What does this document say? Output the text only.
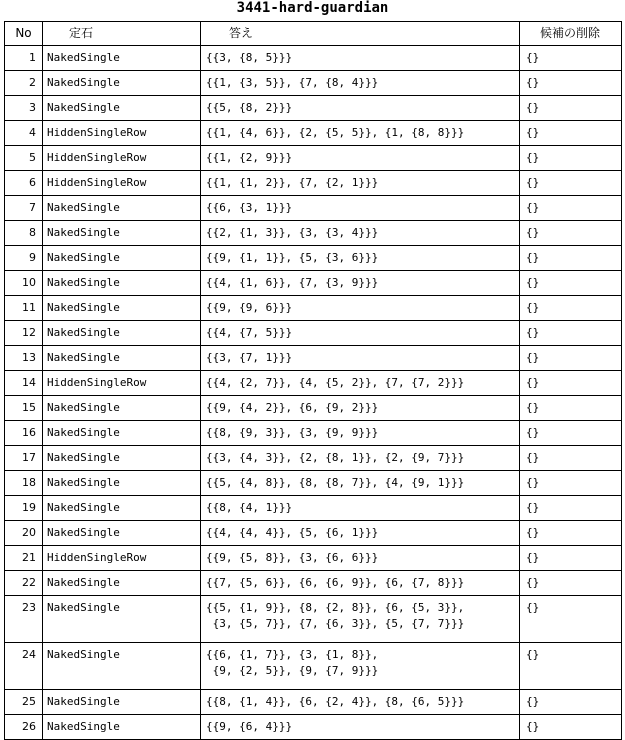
3441-hard-guardian
No	定石	答え	候補の削除
1	NakedSingle	{{3, {8, 5}}}	{}
2	NakedSingle	{{1, {3, 5}}, {7, {8, 4}}}	{}
3	NakedSingle	{{5, {8, 2}}}	{}
4	HiddenSingleRow	{{1, {4, 6}}, {2, {5, 5}}, {1, {8, 8}}}	{}
5	HiddenSingleRow	{{1, {2, 9}}}	{}
6	HiddenSingleRow	{{1, {1, 2}}, {7, {2, 1}}}	{}
7	NakedSingle	{{6, {3, 1}}}	{}
8	NakedSingle	{{2, {1, 3}}, {3, {3, 4}}}	{}
9	NakedSingle	{{9, {1, 1}}, {5, {3, 6}}}	{}
10	NakedSingle	{{4, {1, 6}}, {7, {3, 9}}}	{}
11	NakedSingle	{{9, {9, 6}}}	{}
12	NakedSingle	{{4, {7, 5}}}	{}
13	NakedSingle	{{3, {7, 1}}}	{}
14	HiddenSingleRow	{{4, {2, 7}}, {4, {5, 2}}, {7, {7, 2}}}	{}
15	NakedSingle	{{9, {4, 2}}, {6, {9, 2}}}	{}
16	NakedSingle	{{8, {9, 3}}, {3, {9, 9}}}	{}
17	NakedSingle	{{3, {4, 3}}, {2, {8, 1}}, {2, {9, 7}}}	{}
18	NakedSingle	{{5, {4, 8}}, {8, {8, 7}}, {4, {9, 1}}}	{}
19	NakedSingle	{{8, {4, 1}}}	{}
20	NakedSingle	{{4, {4, 4}}, {5, {6, 1}}}	{}
21	HiddenSingleRow	{{9, {5, 8}}, {3, {6, 6}}}	{}
22	NakedSingle	{{7, {5, 6}}, {6, {6, 9}}, {6, {7, 8}}}	{}
23	NakedSingle	{{5, {1, 9}}, {8, {2, 8}}, {6, {5, 3}},
{3, {5, 7}}, {7, {6, 3}}, {5, {7, 7}}}	{}
24	NakedSingle	{{6, {1, 7}}, {3, {1, 8}},
{9, {2, 5}}, {9, {7, 9}}}	{}
25	NakedSingle	{{8, {1, 4}}, {6, {2, 4}}, {8, {6, 5}}}	{}
26	NakedSingle	{{9, {6, 4}}}	{}
